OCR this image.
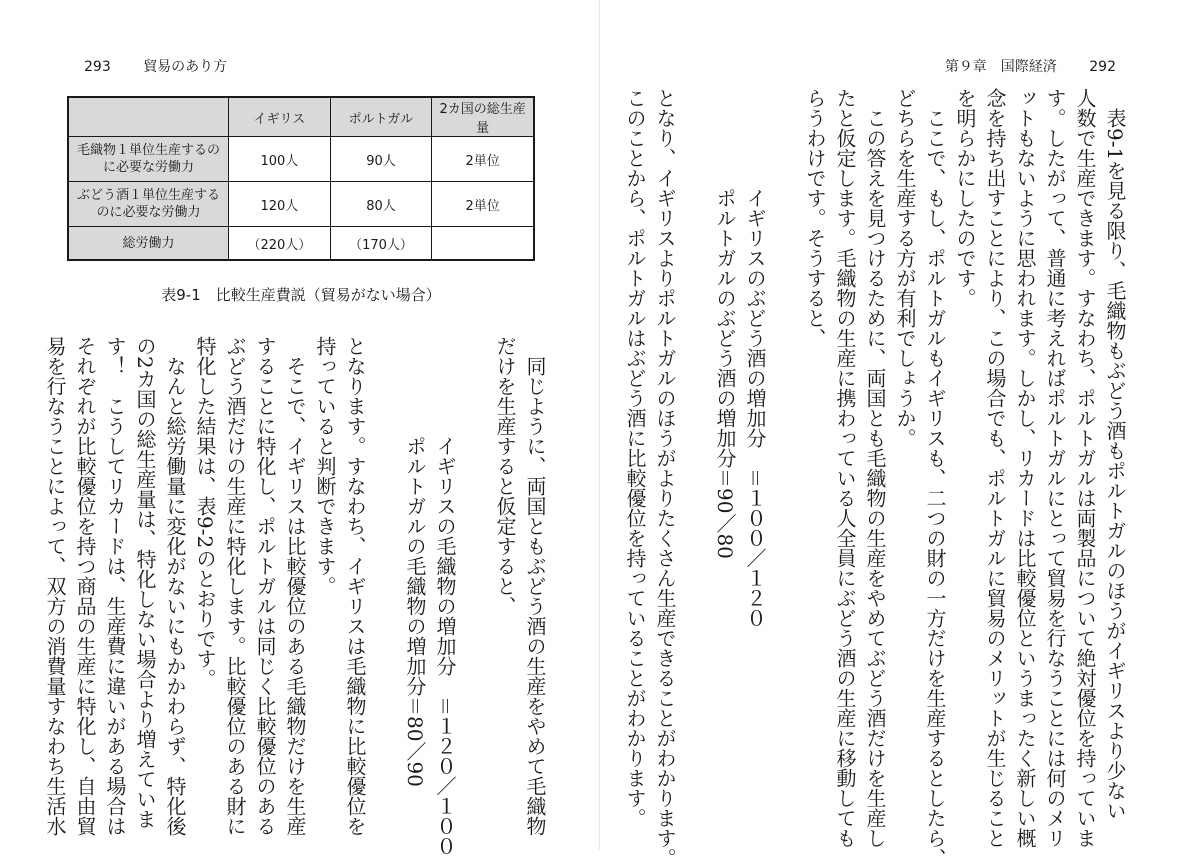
293 貿易のあり方
	イギリス	ポルトガル	2カ国の総生産量
毛織物１単位生産するのに必要な労働力	100人	90人	2単位
ぶどう酒１単位生産するのに必要な労働力	120人	80人	2単位
総労働力	（220人）	（170人）	
表9-1　比較生産費説（貿易がない場合）
　同じように、両国ともぶどう酒の生産をやめて毛織物
だけを生産すると仮定すると、
　　イギリスの毛織物の増加分　＝１２０／１００
　　ポルトガルの毛織物の増加分＝80／90
となります。すなわち、イギリスは毛織物に比較優位を
持っていると判断できます。
　そこで、イギリスは比較優位のある毛織物だけを生産
することに特化し、ポルトガルは同じく比較優位のある
ぶどう酒だけの生産に特化します。比較優位のある財に
特化した結果は、表9-2のとおりです。
　なんと総労働量に変化がないにもかかわらず、特化後
の2カ国の総生産量は、特化しない場合より増えていま
す！　こうしてリカードは、生産費に違いがある場合は
それぞれが比較優位を持つ商品の生産に特化し、自由貿
易を行なうことによって、双方の消費量すなわち生活水
第９章　国際経済 292
　表9-1を見る限り、毛織物もぶどう酒もポルトガルのほうがイギリスより少ない
人数で生産できます。すなわち、ポルトガルは両製品について絶対優位を持っていま
す。したがって、普通に考えればポルトガルにとって貿易を行なうことには何のメリ
ットもないように思われます。しかし、リカードは比較優位というまったく新しい概
念を持ち出すことにより、この場合でも、ポルトガルに貿易のメリットが生じること
を明らかにしたのです。
　ここで、もし、ポルトガルもイギリスも、二つの財の一方だけを生産するとしたら、
どちらを生産する方が有利でしょうか。
　この答えを見つけるために、両国とも毛織物の生産をやめてぶどう酒だけを生産し
たと仮定します。毛織物の生産に携わっている人全員にぶどう酒の生産に移動しても
らうわけです。そうすると、
　　イギリスのぶどう酒の増加分　＝１００／１２０
　　ポルトガルのぶどう酒の増加分＝90／80
となり、イギリスよりポルトガルのほうがよりたくさん生産できることがわかります。
このことから、ポルトガルはぶどう酒に比較優位を持っていることがわかります。
